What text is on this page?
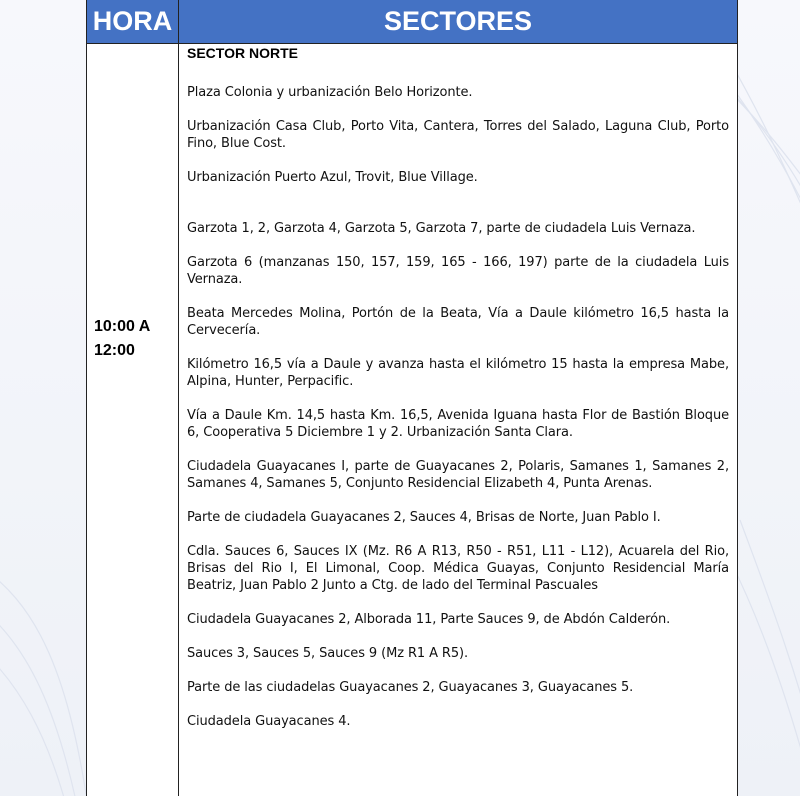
HORA	SECTORES
10:00 A
12:00
SECTOR NORTE
Plaza Colonia y urbanización Belo Horizonte.
Urbanización Casa Club, Porto Vita, Cantera, Torres del Salado, Laguna Club, Porto Fino, Blue Cost.
Urbanización Puerto Azul, Trovit, Blue Village.
Garzota 1, 2, Garzota 4, Garzota 5, Garzota 7, parte de ciudadela Luis Vernaza.
Garzota 6 (manzanas 150, 157, 159, 165 - 166, 197) parte de la ciudadela Luis Vernaza.
Beata Mercedes Molina, Portón de la Beata, Vía a Daule kilómetro 16,5 hasta la Cervecería.
Kilómetro 16,5 vía a Daule y avanza hasta el kilómetro 15 hasta la empresa Mabe, Alpina, Hunter, Perpacific.
Vía a Daule Km. 14,5 hasta Km. 16,5, Avenida Iguana hasta Flor de Bastión Bloque 6, Cooperativa 5 Diciembre 1 y 2. Urbanización Santa Clara.
Ciudadela Guayacanes I, parte de Guayacanes 2, Polaris, Samanes 1, Samanes 2, Samanes 4, Samanes 5, Conjunto Residencial Elizabeth 4, Punta Arenas.
Parte de ciudadela Guayacanes 2, Sauces 4, Brisas de Norte, Juan Pablo I.
Cdla. Sauces 6, Sauces IX (Mz. R6 A R13, R50 - R51, L11 - L12), Acuarela del Rio, Brisas del Rio I, El Limonal, Coop. Médica Guayas, Conjunto Residencial María Beatriz, Juan Pablo 2 Junto a Ctg. de lado del Terminal Pascuales
Ciudadela Guayacanes 2, Alborada 11, Parte Sauces 9, de Abdón Calderón.
Sauces 3, Sauces 5, Sauces 9 (Mz R1 A R5).
Parte de las ciudadelas Guayacanes 2, Guayacanes 3, Guayacanes 5.
Ciudadela Guayacanes 4.
